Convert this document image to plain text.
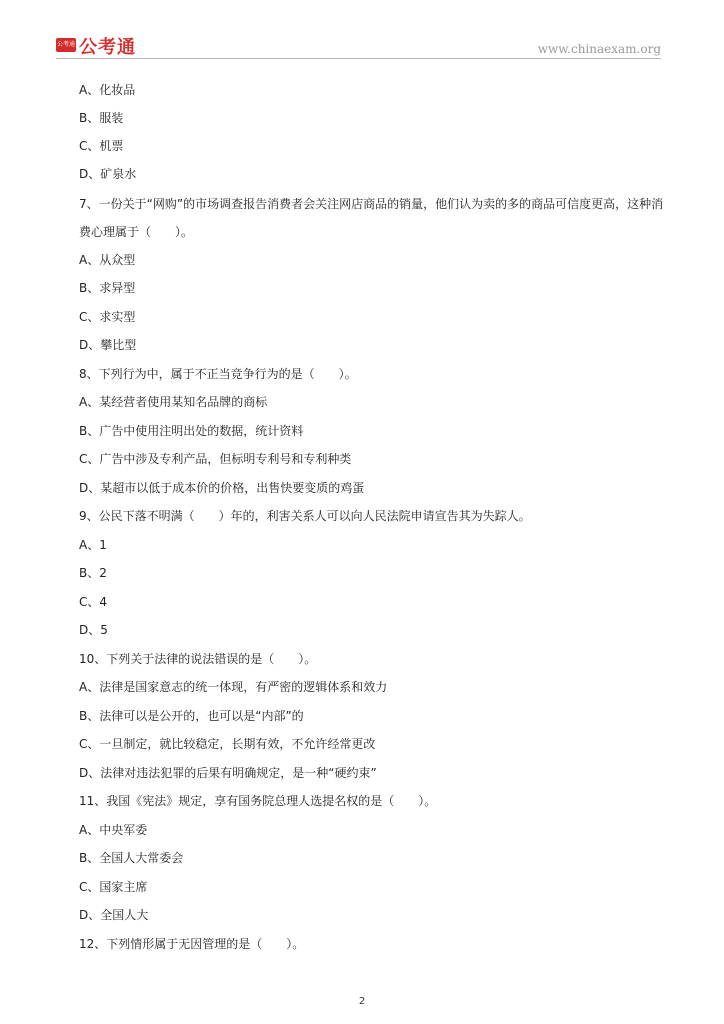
公考通 公考通	www.chinaexam.org
A、化妆品
B、服装
C、机票
D、矿泉水
7、一份关于“网购”的市场调查报告消费者会关注网店商品的销量，他们认为卖的多的商品可信度更高，这种消费心理属于（　　）。
A、从众型
B、求异型
C、求实型
D、攀比型
8、下列行为中，属于不正当竞争行为的是（　　）。
A、某经营者使用某知名品牌的商标
B、广告中使用注明出处的数据，统计资料
C、广告中涉及专利产品，但标明专利号和专利种类
D、某超市以低于成本价的价格，出售快要变质的鸡蛋
9、公民下落不明满（　　）年的，利害关系人可以向人民法院申请宣告其为失踪人。
A、1
B、2
C、4
D、5
10、下列关于法律的说法错误的是（　　）。
A、法律是国家意志的统一体现，有严密的逻辑体系和效力
B、法律可以是公开的，也可以是“内部”的
C、一旦制定，就比较稳定，长期有效，不允许经常更改
D、法律对违法犯罪的后果有明确规定，是一种“硬约束”
11、我国《宪法》规定，享有国务院总理人选提名权的是（　　）。
A、中央军委
B、全国人大常委会
C、国家主席
D、全国人大
12、下列情形属于无因管理的是（　　）。
2
